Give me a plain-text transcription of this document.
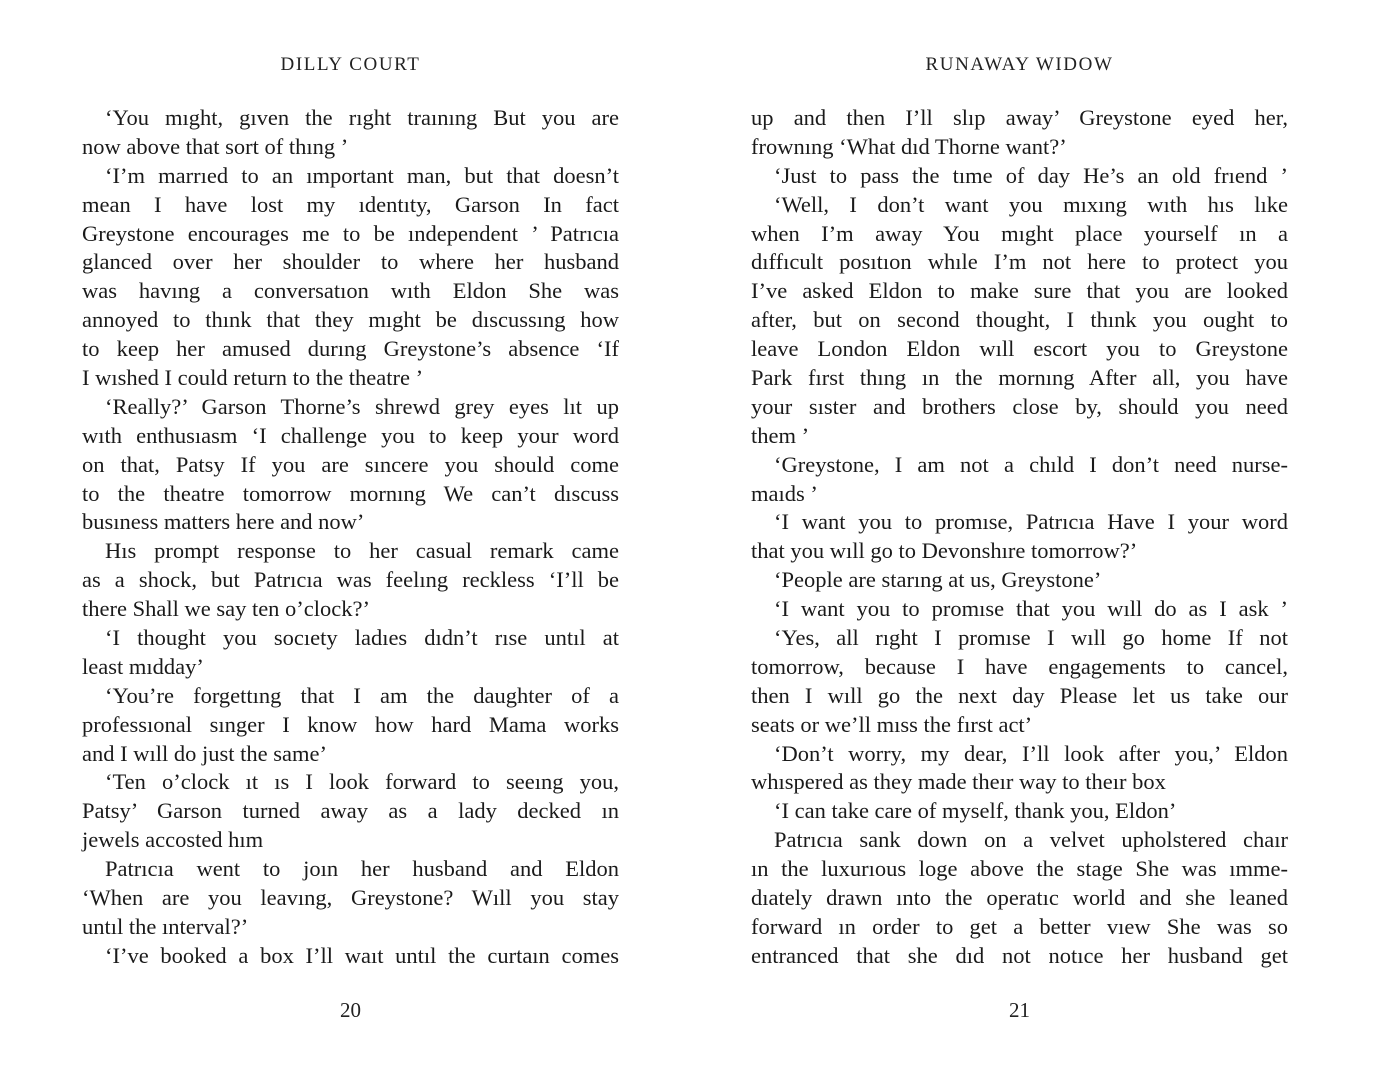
DILLY COURT
‘You mıght, gıven the rıght traınıng But you are
now above that sort of thıng ’
‘I’m marrıed to an ımportant man, but that doesn’t
mean I have lost my ıdentıty, Garson In fact
Greystone encourages me to be ındependent ’ Patrıcıa
glanced over her shoulder to where her husband
was havıng a conversatıon wıth Eldon She was
annoyed to thınk that they mıght be dıscussıng how
to keep her amused durıng Greystone’s absence ‘If
I wıshed I could return to the theatre ’
‘Really?’ Garson Thorne’s shrewd grey eyes lıt up
wıth enthusıasm ‘I challenge you to keep your word
on that, Patsy If you are sıncere you should come
to the theatre tomorrow mornıng We can’t dıscuss
busıness matters here and now’
Hıs prompt response to her casual remark came
as a shock, but Patrıcıa was feelıng reckless ‘I’ll be
there Shall we say ten o’clock?’
‘I thought you socıety ladıes dıdn’t rıse untıl at
least mıdday’
‘You’re forgettıng that I am the daughter of a
professıonal sınger I know how hard Mama works
and I wıll do just the same’
‘Ten o’clock ıt ıs I look forward to seeıng you,
Patsy’ Garson turned away as a lady decked ın
jewels accosted hım
Patrıcıa went to joın her husband and Eldon
‘When are you leavıng, Greystone? Wıll you stay
untıl the ınterval?’
‘I’ve booked a box I’ll waıt untıl the curtaın comes
20
RUNAWAY WIDOW
up and then I’ll slıp away’ Greystone eyed her,
frownıng ‘What dıd Thorne want?’
‘Just to pass the tıme of day He’s an old frıend ’
‘Well, I don’t want you mıxıng wıth hıs lıke
when I’m away You mıght place yourself ın a
dıffıcult posıtıon whıle I’m not here to protect you
I’ve asked Eldon to make sure that you are looked
after, but on second thought, I thınk you ought to
leave London Eldon wıll escort you to Greystone
Park fırst thıng ın the mornıng After all, you have
your sıster and brothers close by, should you need
them ’
‘Greystone, I am not a chıld I don’t need nurse-
maıds ’
‘I want you to promıse, Patrıcıa Have I your word
that you wıll go to Devonshıre tomorrow?’
‘People are starıng at us, Greystone’
‘I want you to promıse that you wıll do as I ask ’
‘Yes, all rıght I promıse I wıll go home If not
tomorrow, because I have engagements to cancel,
then I wıll go the next day Please let us take our
seats or we’ll mıss the fırst act’
‘Don’t worry, my dear, I’ll look after you,’ Eldon
whıspered as they made theır way to theır box
‘I can take care of myself, thank you, Eldon’
Patrıcıa sank down on a velvet upholstered chaır
ın the luxurıous loge above the stage She was ımme-
dıately drawn ınto the operatıc world and she leaned
forward ın order to get a better vıew She was so
entranced that she dıd not notıce her husband get
21
